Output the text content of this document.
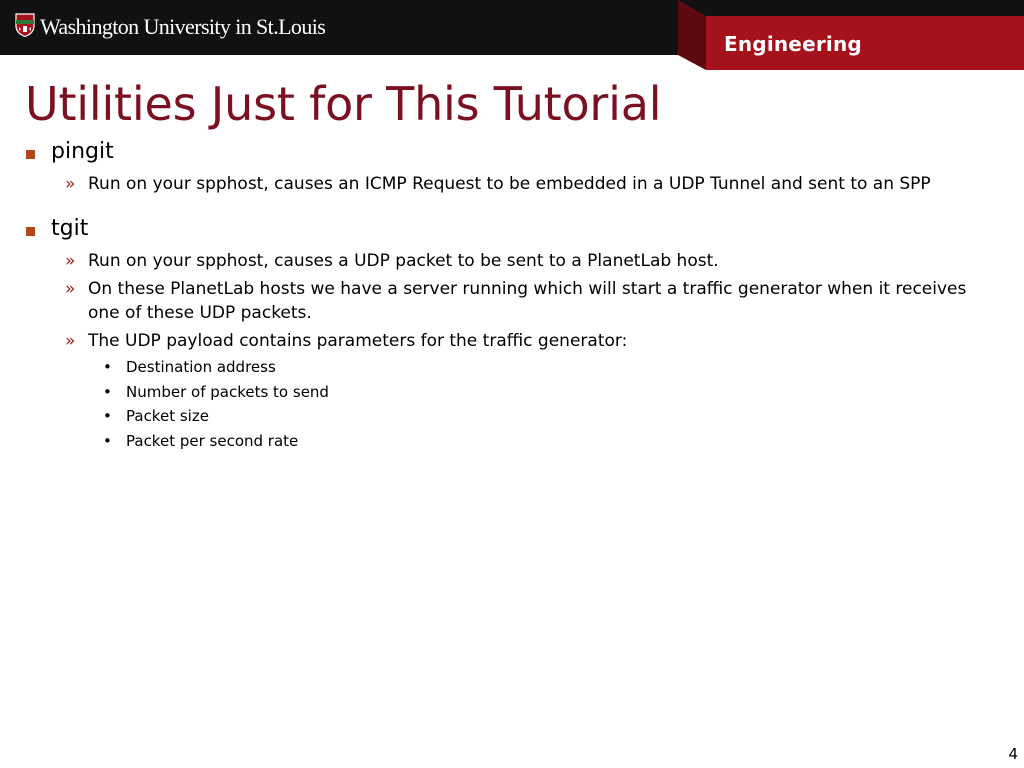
Washington University in St.Louis
Engineering
Utilities Just for This Tutorial
pingit
» Run on your spphost, causes an ICMP Request to be embedded in a UDP Tunnel and sent to an SPP
tgit
» Run on your spphost, causes a UDP packet to be sent to a PlanetLab host.
» On these PlanetLab hosts we have a server running which will start a traffic generator when it receives one of these UDP packets.
» The UDP payload contains parameters for the traffic generator:
• Destination address
• Number of packets to send
• Packet size
• Packet per second rate
4
